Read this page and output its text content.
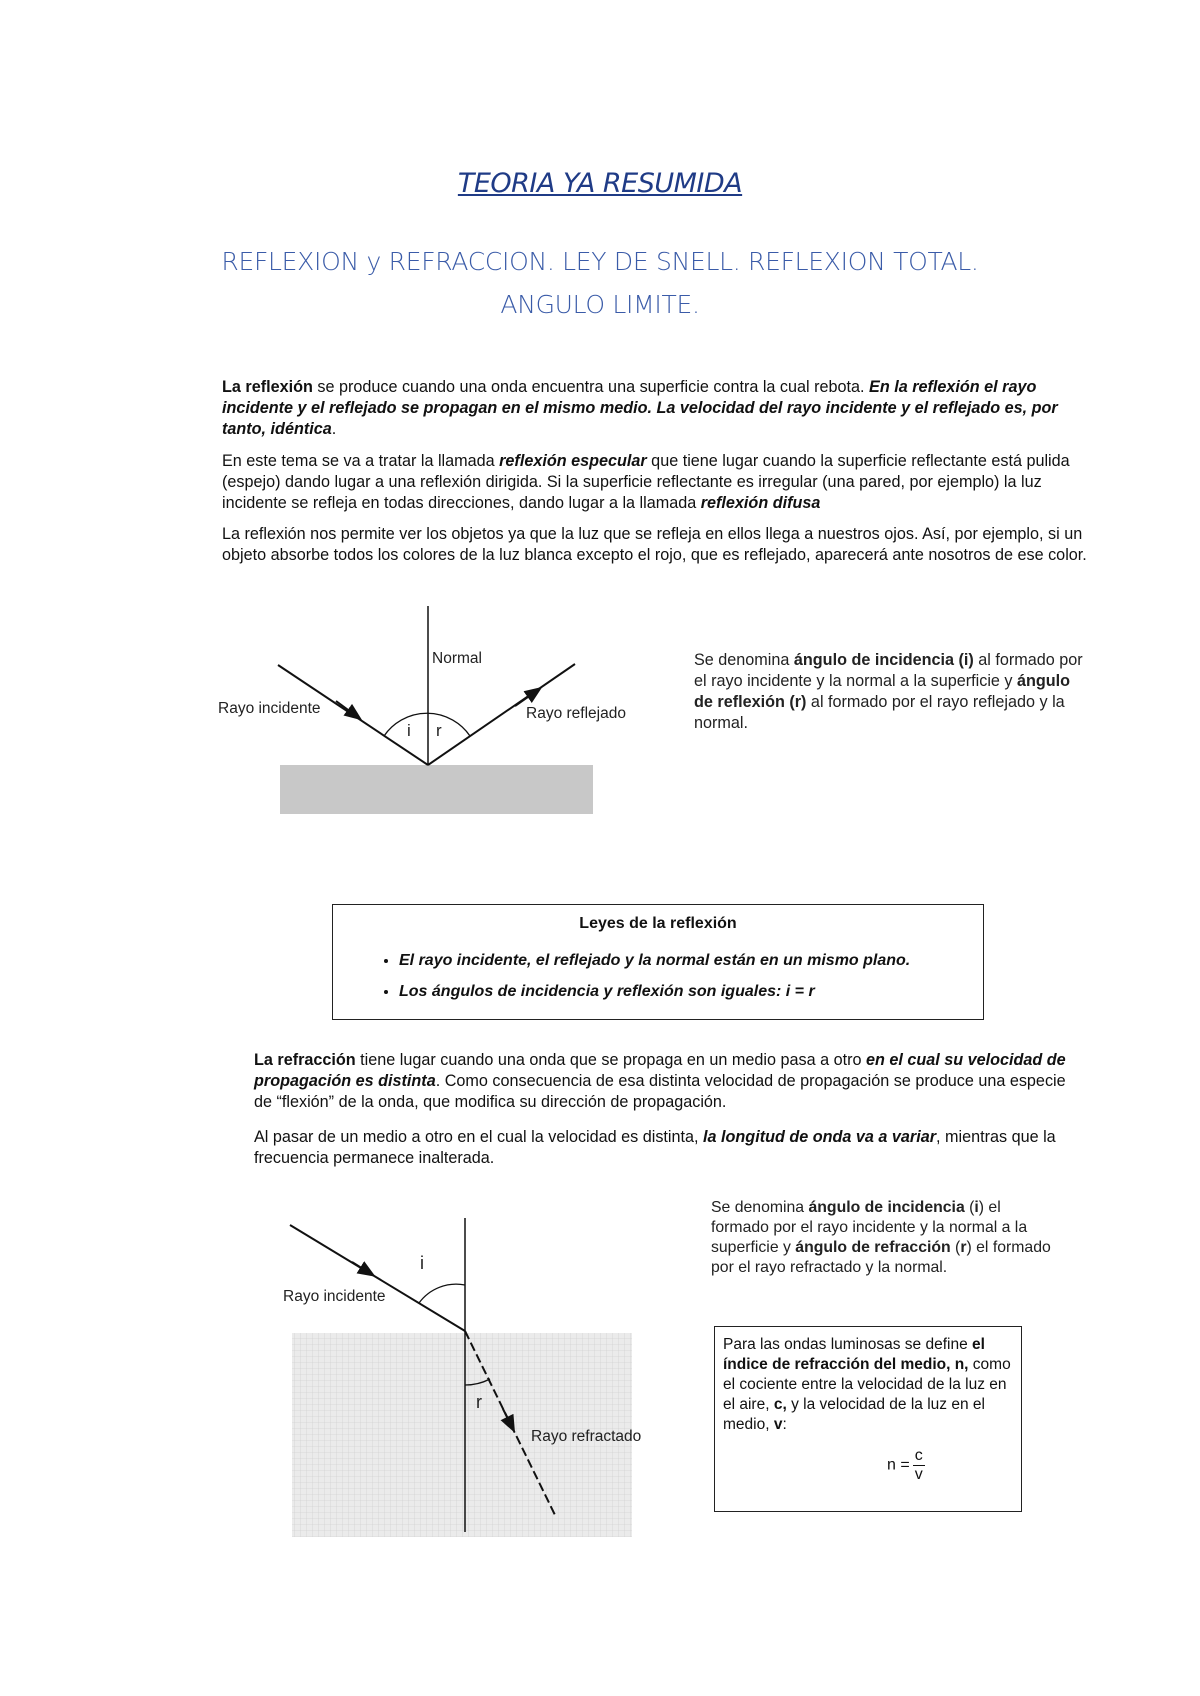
TEORIA YA RESUMIDA
REFLEXION y REFRACCION. LEY DE SNELL. REFLEXION TOTAL.
ANGULO LIMITE.
La reflexión se produce cuando una onda encuentra una superficie contra la cual rebota. En la reflexión el rayo incidente y el reflejado se propagan en el mismo medio. La velocidad del rayo incidente y el reflejado es, por tanto, idéntica.
En este tema se va a tratar la llamada reflexión especular que tiene lugar cuando la superficie reflectante está pulida (espejo) dando lugar a una reflexión dirigida. Si la superficie reflectante es irregular (una pared, por ejemplo) la luz incidente se refleja en todas direcciones, dando lugar a la llamada reflexión difusa
La reflexión nos permite ver los objetos ya que la luz que se refleja en ellos llega a nuestros ojos. Así, por ejemplo, si un objeto absorbe todos los colores de la luz blanca excepto el rojo, que es reflejado, aparecerá ante nosotros de ese color.
Normal
Rayo incidente	Rayo reflejado
i r
Se denomina ángulo de incidencia (i) al formado por el rayo incidente y la normal a la superficie y ángulo de reflexión (r) al formado por el rayo reflejado y la normal.
Leyes de la reflexión
• El rayo incidente, el reflejado y la normal están en un mismo plano.
• Los ángulos de incidencia y reflexión son iguales: i = r
La refracción tiene lugar cuando una onda que se propaga en un medio pasa a otro en el cual su velocidad de propagación es distinta. Como consecuencia de esa distinta velocidad de propagación se produce una especie de “flexión” de la onda, que modifica su dirección de propagación.
Al pasar de un medio a otro en el cual la velocidad es distinta, la longitud de onda va a variar, mientras que la frecuencia permanece inalterada.
i
Rayo incidente
r
Rayo refractado
Se denomina ángulo de incidencia (i) el formado por el rayo incidente y la normal a la superficie y ángulo de refracción (r) el formado por el rayo refractado y la normal.
Para las ondas luminosas se define el índice de refracción del medio, n, como el cociente entre la velocidad de la luz en el aire, c, y la velocidad de la luz en el medio, v:
$n = \frac{c}{v}$
